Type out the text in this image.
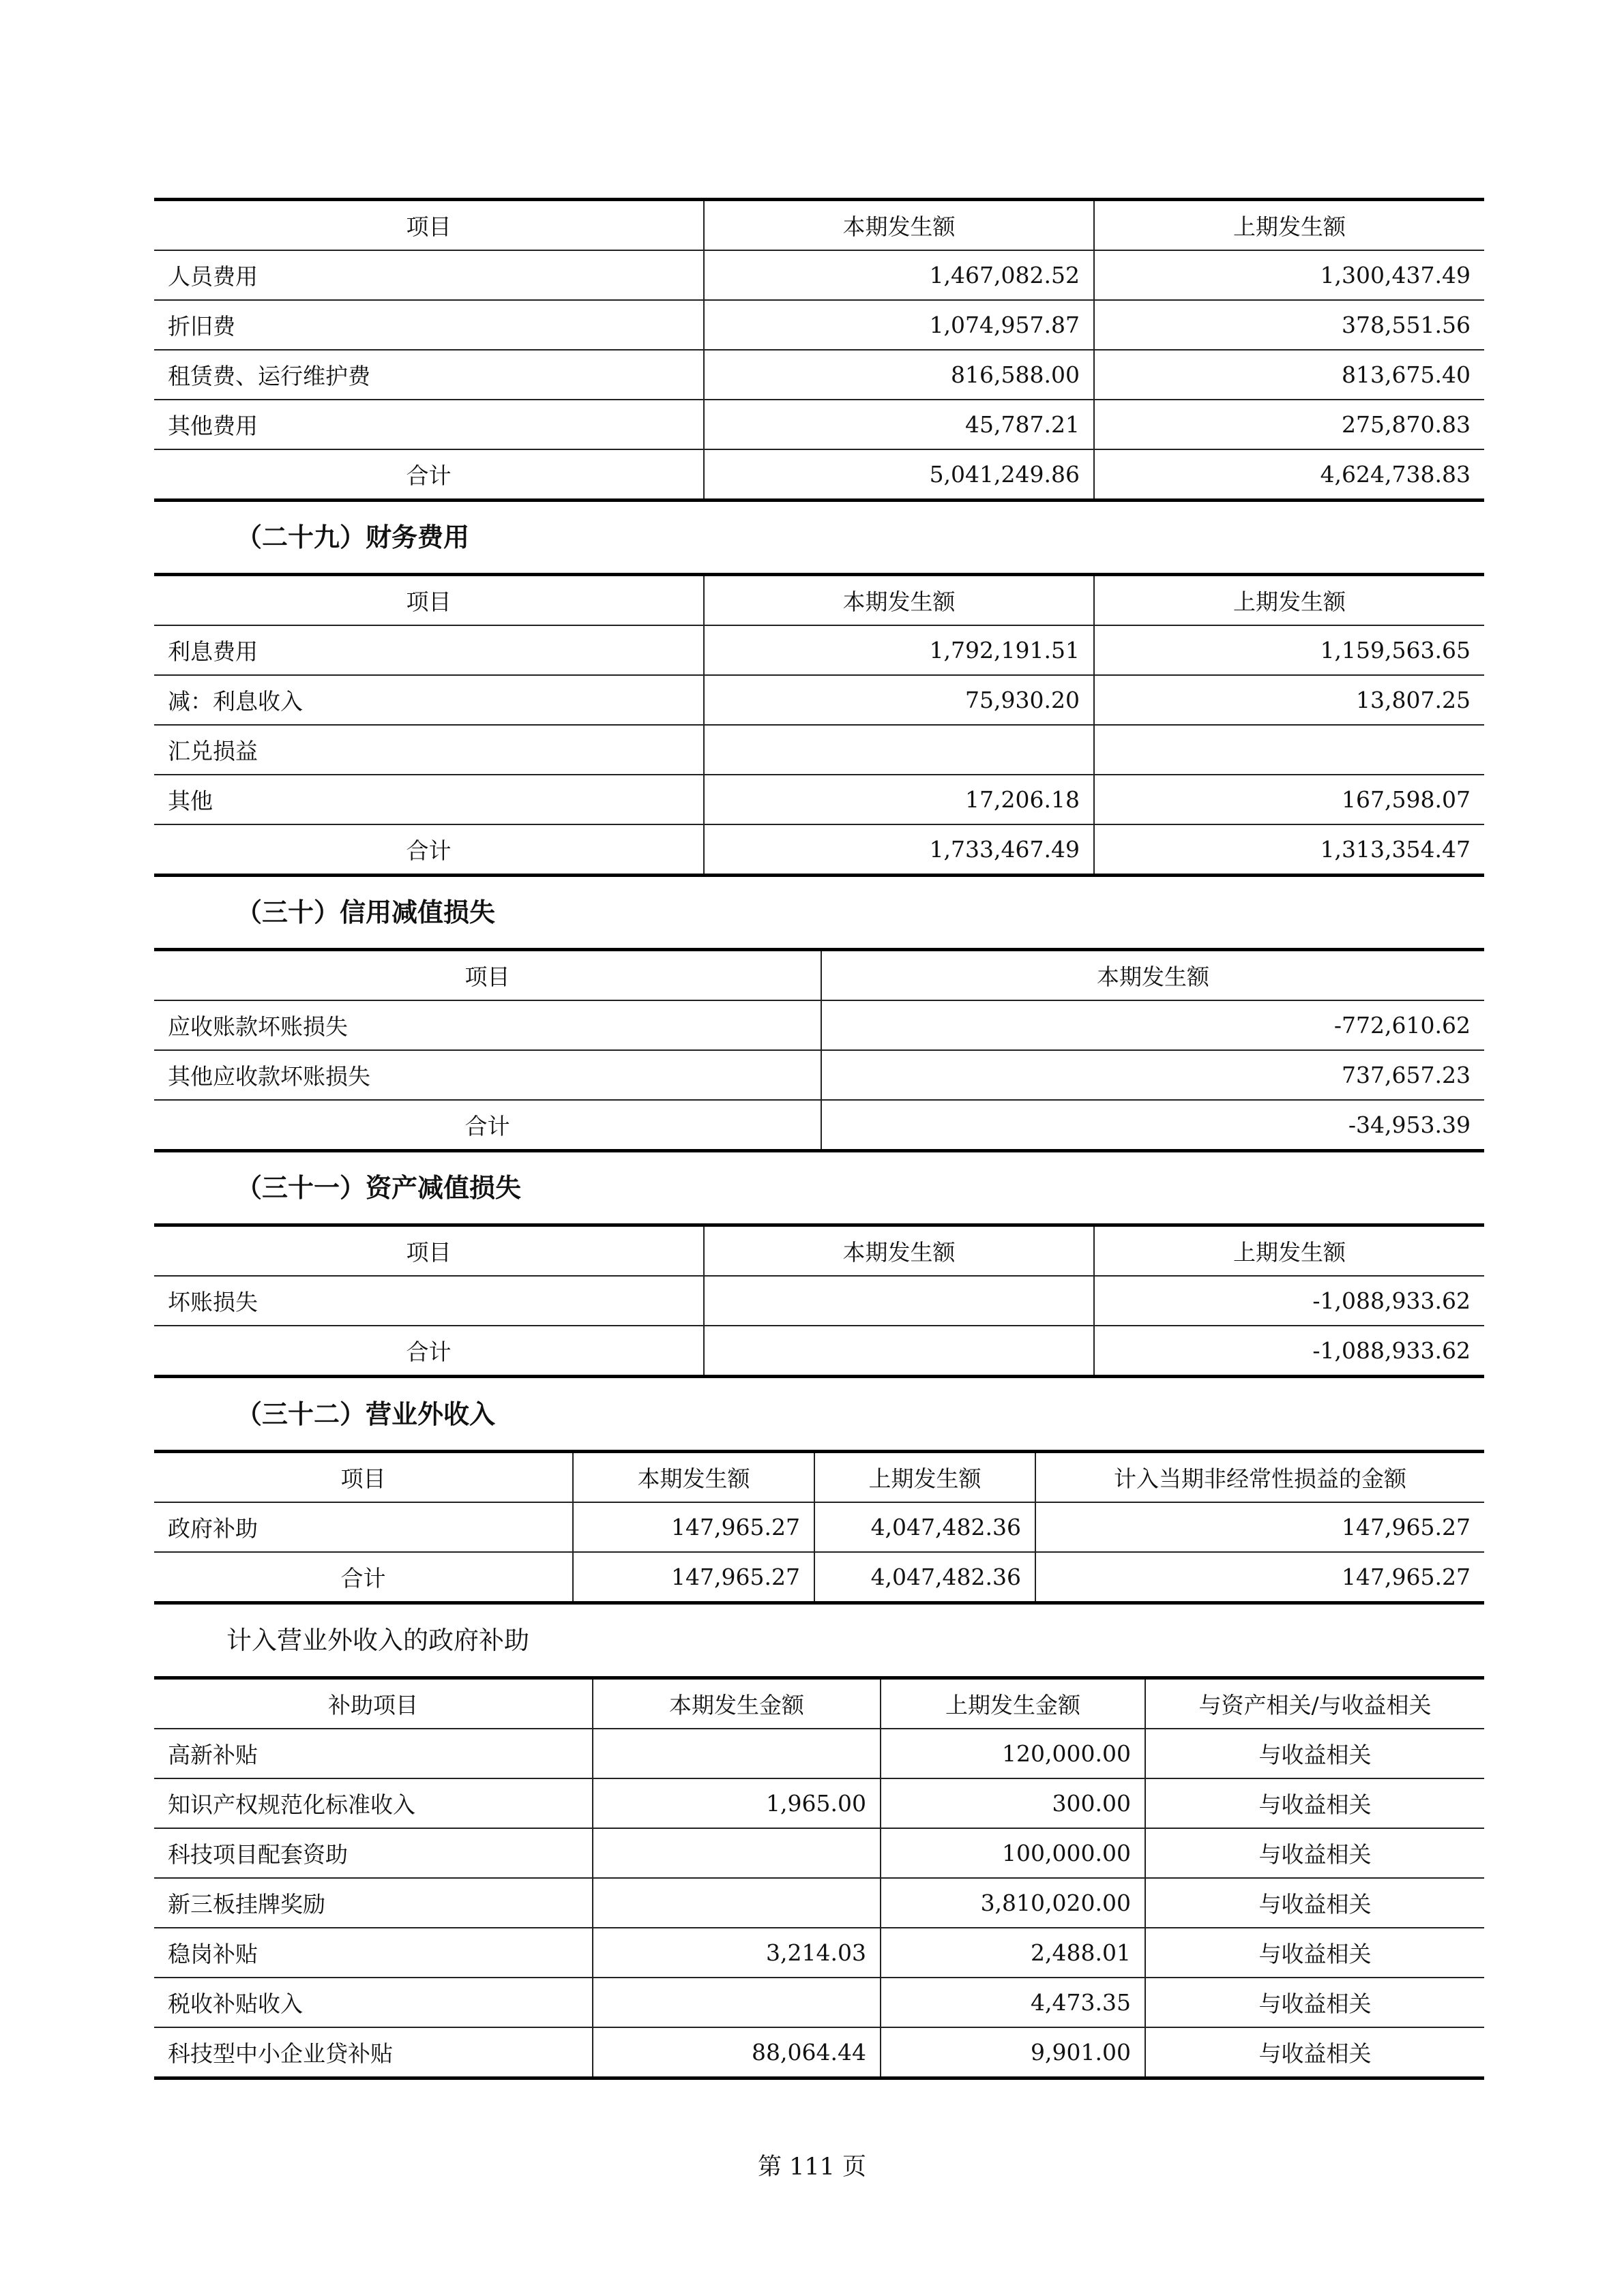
项目	本期发生额	上期发生额
人员费用	1,467,082.52	1,300,437.49
折旧费	1,074,957.87	378,551.56
租赁费、运行维护费	816,588.00	813,675.40
其他费用	45,787.21	275,870.83
合计	5,041,249.86	4,624,738.83
（二十九）财务费用
项目	本期发生额	上期发生额
利息费用	1,792,191.51	1,159,563.65
减：利息收入	75,930.20	13,807.25
汇兑损益		
其他	17,206.18	167,598.07
合计	1,733,467.49	1,313,354.47
（三十）信用减值损失
项目	本期发生额
应收账款坏账损失	-772,610.62
其他应收款坏账损失	737,657.23
合计	-34,953.39
（三十一）资产减值损失
项目	本期发生额	上期发生额
坏账损失		-1,088,933.62
合计		-1,088,933.62
（三十二）营业外收入
项目	本期发生额	上期发生额	计入当期非经常性损益的金额
政府补助	147,965.27	4,047,482.36	147,965.27
合计	147,965.27	4,047,482.36	147,965.27
计入营业外收入的政府补助
补助项目	本期发生金额	上期发生金额	与资产相关/与收益相关
高新补贴		120,000.00	与收益相关
知识产权规范化标准收入	1,965.00	300.00	与收益相关
科技项目配套资助		100,000.00	与收益相关
新三板挂牌奖励		3,810,020.00	与收益相关
稳岗补贴	3,214.03	2,488.01	与收益相关
税收补贴收入		4,473.35	与收益相关
科技型中小企业贷补贴	88,064.44	9,901.00	与收益相关
第 111 页
